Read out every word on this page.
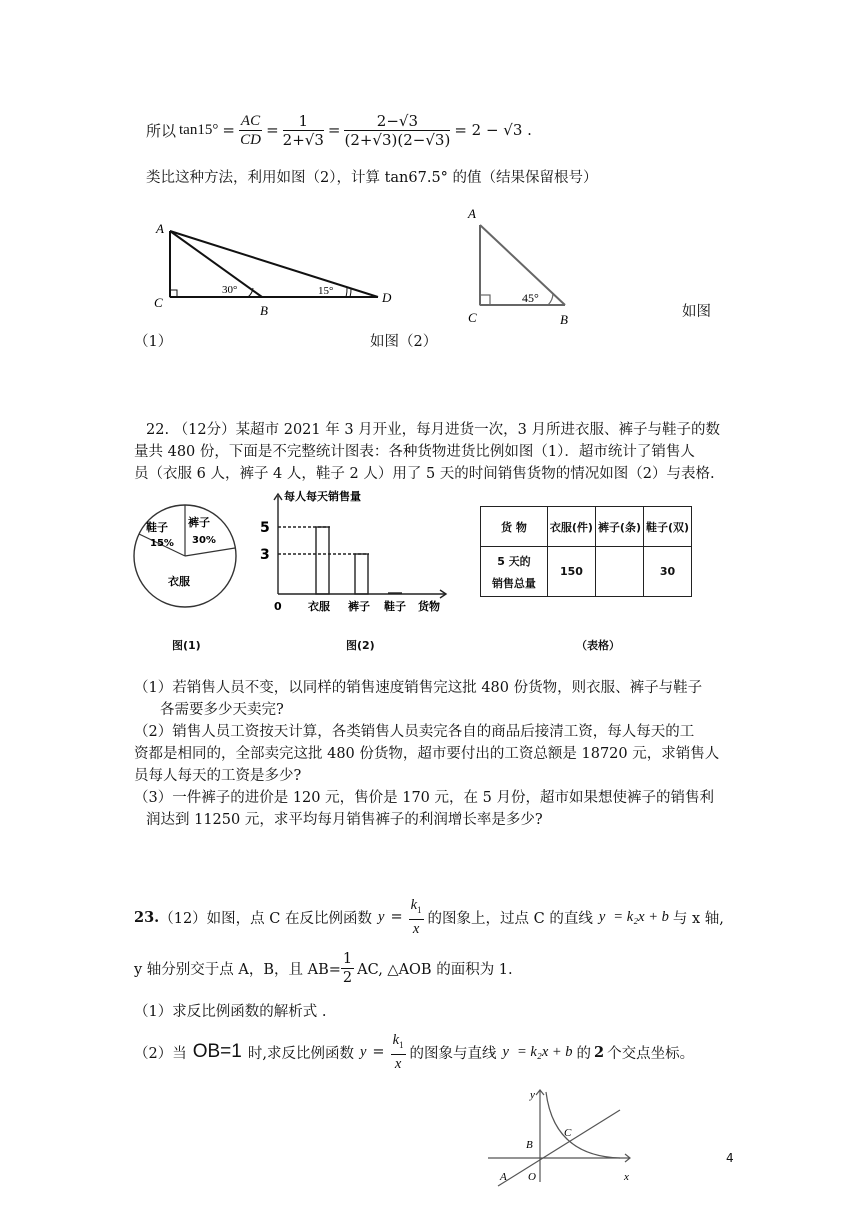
所以 $\tan 15^\circ = \frac{AC}{CD} = \frac{1}{2+√3} = \frac{2-√3}{(2+√3)(2-√3)} = 2 - √3$ .
类比这种方法，利用如图（2），计算 tan67.5° 的值（结果保留根号）
A
C
B
D
30°	15°
（1）
A
C	B
45°
如图（2）
如图
22. （12分）某超市 2021 年 3 月开业，每月进货一次，3 月所进衣服、裤子与鞋子的数
量共 480 份，下面是不完整统计图表：各种货物进货比例如图（1）．超市统计了销售人
员（衣服 6 人，裤子 4 人，鞋子 2 人）用了 5 天的时间销售货物的情况如图（2）与表格.
鞋子
15%
裤子
30%
衣服
图(1)
每人每天销售量
5
3
0 衣服 裤子 鞋子 货物
图(2)
货 物	衣服(件)	裤子(条)	鞋子(双)

5 天的
销售总量	150		30
（表格）
（1）若销售人员不变，以同样的销售速度销售完这批 480 份货物，则衣服、裤子与鞋子
各需要多少天卖完?
（2）销售人员工资按天计算，各类销售人员卖完各自的商品后接清工资，每人每天的工
资都是相同的，全部卖完这批 480 份货物，超市要付出的工资总额是 18720 元，求销售人
员每人每天的工资是多少?
（3）一件裤子的进价是 120 元，售价是 170 元，在 5 月份，超市如果想使裤子的销售利
润达到 11250 元，求平均每月销售裤子的利润增长率是多少?
23. （12）如图，点 C 在反比例函数 $y = \frac{k_1}{x}$ 的图象上，过点 C 的直线 y = k₂x + b 与 x 轴,
y 轴分别交于点 A，B，且 $AB= \frac{1}{2}$ AC, △AOB 的面积为 1.
（1）求反比例函数的解析式 .
（2）当 OB=1 时,求反比例函数 $y = \frac{k_1}{x}$ 的图象与直线 y = k₂x + b 的 2 个交点坐标。
y
x
A
B
C
O
4
